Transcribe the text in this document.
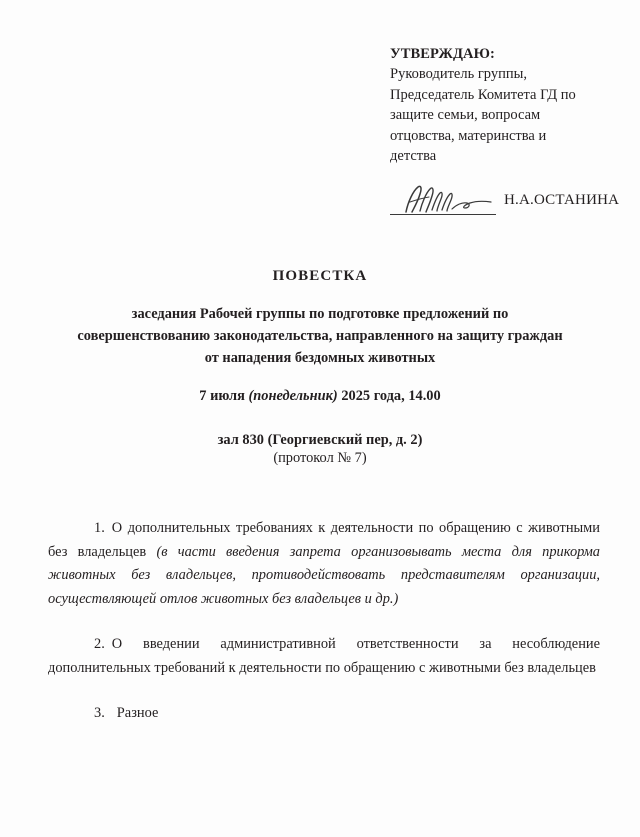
УТВЕРЖДАЮ:
Руководитель группы,
Председатель Комитета ГД по
защите семьи, вопросам
отцовства, материнства и
детства
Н.А.ОСТАНИНА
ПОВЕСТКА
заседания Рабочей группы по подготовке предложений по совершенствованию законодательства, направленного на защиту граждан от нападения бездомных животных
7 июля (понедельник) 2025 года, 14.00
зал 830 (Георгиевский пер, д. 2)
(протокол № 7)
1. О дополнительных требованиях к деятельности по обращению с животными без владельцев (в части введения запрета организовывать места для прикорма животных без владельцев, противодействовать представителям организации, осуществляющей отлов животных без владельцев и др.)
2. О введении административной ответственности за несоблюдение дополнительных требований к деятельности по обращению с животными без владельцев
3. Разное
